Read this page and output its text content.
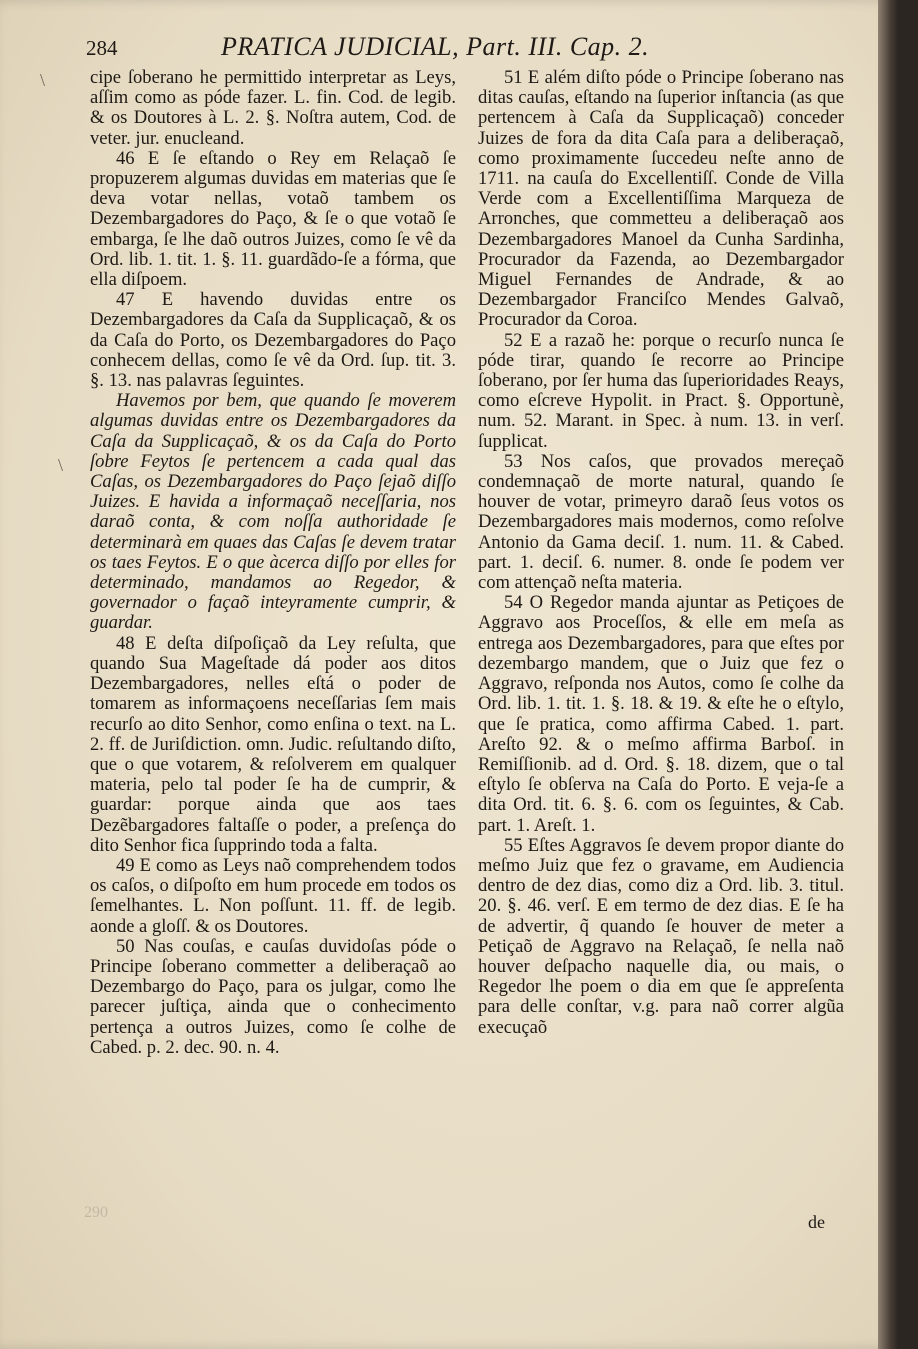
284	PRATICA JUDICIAL, Part. III. Cap. 2.
\
\

cipe ſoberano he permittido interpretar as Leys, aſſim como as póde fazer. L. fin. Cod. de legib. & os Doutores à L. 2. §. Noſtra autem, Cod. de veter. jur. enucleand.

46 E ſe eſtando o Rey em Relaçaõ ſe propuzerem algumas duvidas em materias que ſe deva votar nellas, votaõ tambem os Dezembargadores do Paço, & ſe o que votaõ ſe embarga, ſe lhe daõ outros Juizes, como ſe vê da Ord. lib. 1. tit. 1. §. 11. guardãdo-ſe a fórma, que ella diſpoem.

47 E havendo duvidas entre os Dezembargadores da Caſa da Supplicaçaõ, & os da Caſa do Porto, os Dezembargadores do Paço conhecem dellas, como ſe vê da Ord. ſup. tit. 3. §. 13. nas palavras ſeguintes.

Havemos por bem, que quando ſe moverem algumas duvidas entre os Dezembargadores da Caſa da Supplicaçaõ, & os da Caſa do Porto ſobre Feytos ſe pertencem a cada qual das Caſas, os Dezembargadores do Paço ſejaõ diſſo Juizes. E havida a informaçaõ neceſſaria, nos daraõ conta, & com noſſa authoridade ſe determinarà em quaes das Caſas ſe devem tratar os taes Feytos. E o que àcerca diſſo por elles for determinado, mandamos ao Regedor, & governador o façaõ inteyramente cumprir, & guardar.

48 E deſta diſpoſiçaõ da Ley reſulta, que quando Sua Mageſtade dá poder aos ditos Dezembargadores, nelles eſtá o poder de tomarem as informaçoens neceſſarias ſem mais recurſo ao dito Senhor, como enſina o text. na L. 2. ff. de Juriſdiction. omn. Judic. reſultando diſto, que o que votarem, & reſolverem em qualquer materia, pelo tal poder ſe ha de cumprir, & guardar: porque ainda que aos taes Dezẽbargadores faltaſſe o poder, a preſença do dito Senhor fica ſupprindo toda a falta.

49 E como as Leys naõ comprehendem todos os caſos, o diſpoſto em hum procede em todos os ſemelhantes. L. Non poſſunt. 11. ff. de legib. aonde a gloſſ. & os Doutores.

50 Nas couſas, e cauſas duvidoſas póde o Principe ſoberano commetter a deliberaçaõ ao Dezembargo do Paço, para os julgar, como lhe parecer juſtiça, ainda que o conhecimento pertença a outros Juizes, como ſe colhe de Cabed. p. 2. dec. 90. n. 4.

51 E além diſto póde o Principe ſoberano nas ditas cauſas, eſtando na ſuperior inſtancia (as que pertencem à Caſa da Supplicaçaõ) conceder Juizes de fora da dita Caſa para a deliberaçaõ, como proximamente ſuccedeu neſte anno de 1711. na cauſa do Excellentiſſ. Conde de Villa Verde com a Excellentiſſima Marqueza de Arronches, que commetteu a deliberaçaõ aos Dezembargadores Manoel da Cunha Sardinha, Procurador da Fazenda, ao Dezembargador Miguel Fernandes de Andrade, & ao Dezembargador Franciſco Mendes Galvaõ, Procurador da Coroa.

52 E a razaõ he: porque o recurſo nunca ſe póde tirar, quando ſe recorre ao Principe ſoberano, por ſer huma das ſuperioridades Reays, como eſcreve Hypolit. in Pract. §. Opportunè, num. 52. Marant. in Spec. à num. 13. in verſ. ſupplicat.

53 Nos caſos, que provados mereçaõ condemnaçaõ de morte natural, quando ſe houver de votar, primeyro daraõ ſeus votos os Dezembargadores mais modernos, como reſolve Antonio da Gama deciſ. 1. num. 11. & Cabed. part. 1. deciſ. 6. numer. 8. onde ſe podem ver com attençaõ neſta materia.

54 O Regedor manda ajuntar as Petiçoes de Aggravo aos Proceſſos, & elle em meſa as entrega aos Dezembargadores, para que eſtes por dezembargo mandem, que o Juiz que fez o Aggravo, reſponda nos Autos, como ſe colhe da Ord. lib. 1. tit. 1. §. 18. & 19. & eſte he o eſtylo, que ſe pratica, como affirma Cabed. 1. part. Areſto 92. & o meſmo affirma Barboſ. in Remiſſionib. ad d. Ord. §. 18. dizem, que o tal eſtylo ſe obſerva na Caſa do Porto. E veja-ſe a dita Ord. tit. 6. §. 6. com os ſeguintes, & Cab. part. 1. Areſt. 1.

55 Eſtes Aggravos ſe devem propor diante do meſmo Juiz que fez o gravame, em Audiencia dentro de dez dias, como diz a Ord. lib. 3. titul. 20. §. 46. verſ. E em termo de dez dias. E ſe ha de advertir, q̃ quando ſe houver de meter a Petiçaõ de Aggravo na Relaçaõ, ſe nella naõ houver deſpacho naquelle dia, ou mais, o Regedor lhe poem o dia em que ſe appreſenta para delle conſtar, v.g. para naõ correr algũa execuçaõ

290	de
